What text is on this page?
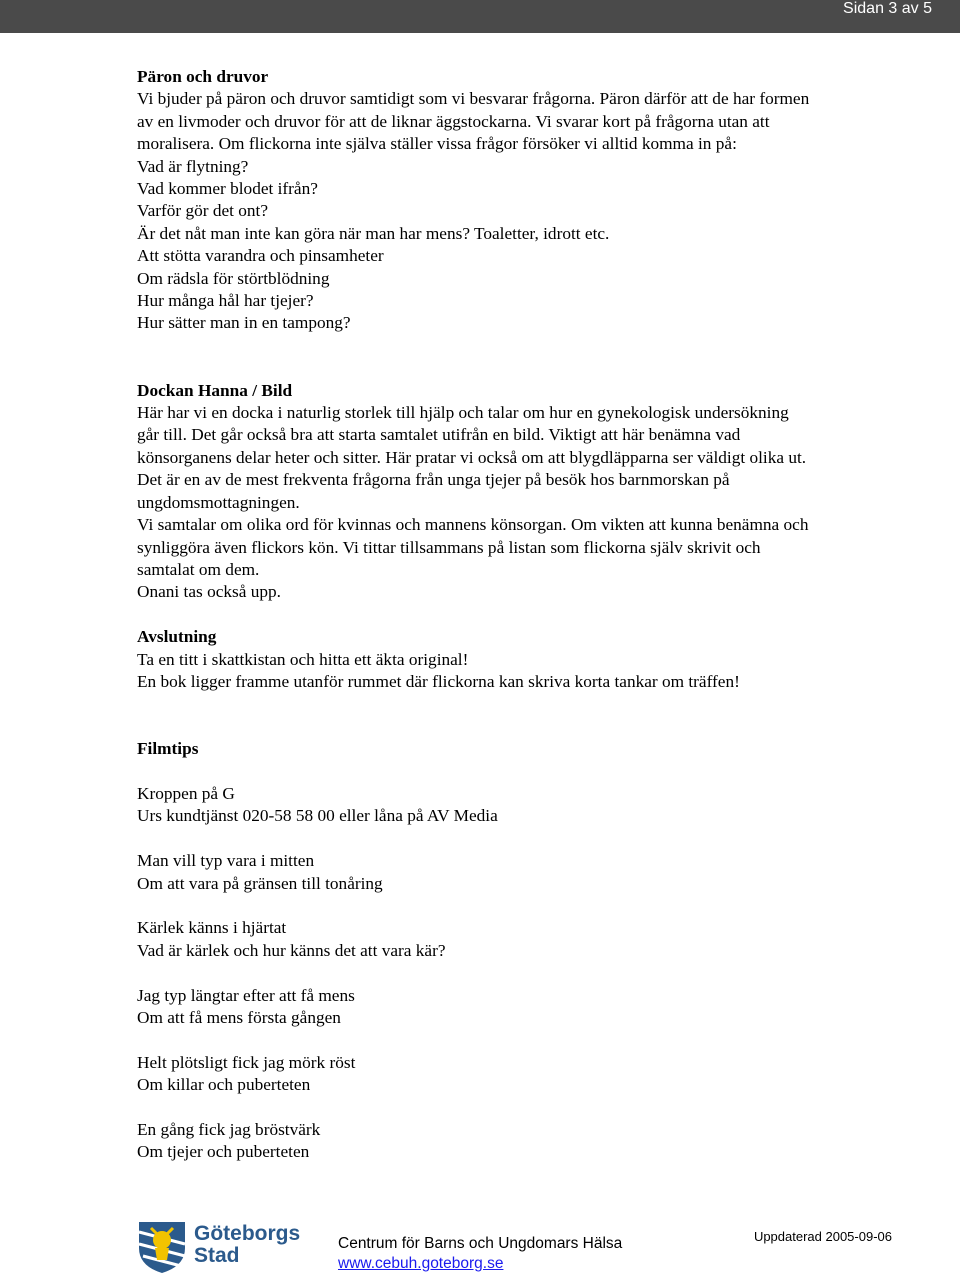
Sidan 3 av 5
Päron och druvor

Vi bjuder på päron och druvor samtidigt som vi besvarar frågorna. Päron därför att de har formen

av en livmoder och druvor för att de liknar äggstockarna. Vi svarar kort på frågorna utan att

moralisera. Om flickorna inte själva ställer vissa frågor försöker vi alltid komma in på:

Vad är flytning?

Vad kommer blodet ifrån?

Varför gör det ont?

Är det nåt man inte kan göra när man har mens? Toaletter, idrott etc.

Att stötta varandra och pinsamheter

Om rädsla för störtblödning

Hur många hål har tjejer?

Hur sätter man in en tampong?

Dockan Hanna / Bild

Här har vi en docka i naturlig storlek till hjälp och talar om hur en gynekologisk undersökning

går till. Det går också bra att starta samtalet utifrån en bild. Viktigt att här benämna vad

könsorganens delar heter och sitter. Här pratar vi också om att blygdläpparna ser väldigt olika ut.

Det är en av de mest frekventa frågorna från unga tjejer på besök hos barnmorskan på

ungdomsmottagningen.

Vi samtalar om olika ord för kvinnas och mannens könsorgan. Om vikten att kunna benämna och

synliggöra även flickors kön. Vi tittar tillsammans på listan som flickorna själv skrivit och

samtalat om dem.

Onani tas också upp.

Avslutning

Ta en titt i skattkistan och hitta ett äkta original!

En bok ligger framme utanför rummet där flickorna kan skriva korta tankar om träffen!

Filmtips

Kroppen på G

Urs kundtjänst 020-58 58 00 eller låna på AV Media

Man vill typ vara i mitten

Om att vara på gränsen till tonåring

Kärlek känns i hjärtat

Vad är kärlek och hur känns det att vara kär?

Jag typ längtar efter att få mens

Om att få mens första gången

Helt plötsligt fick jag mörk röst

Om killar och puberteten

En gång fick jag bröstvärk

Om tjejer och puberteten

Göteborgs
Stad
Centrum för Barns och Ungdomars Hälsa
www.cebuh.goteborg.se
Uppdaterad 2005-09-06
